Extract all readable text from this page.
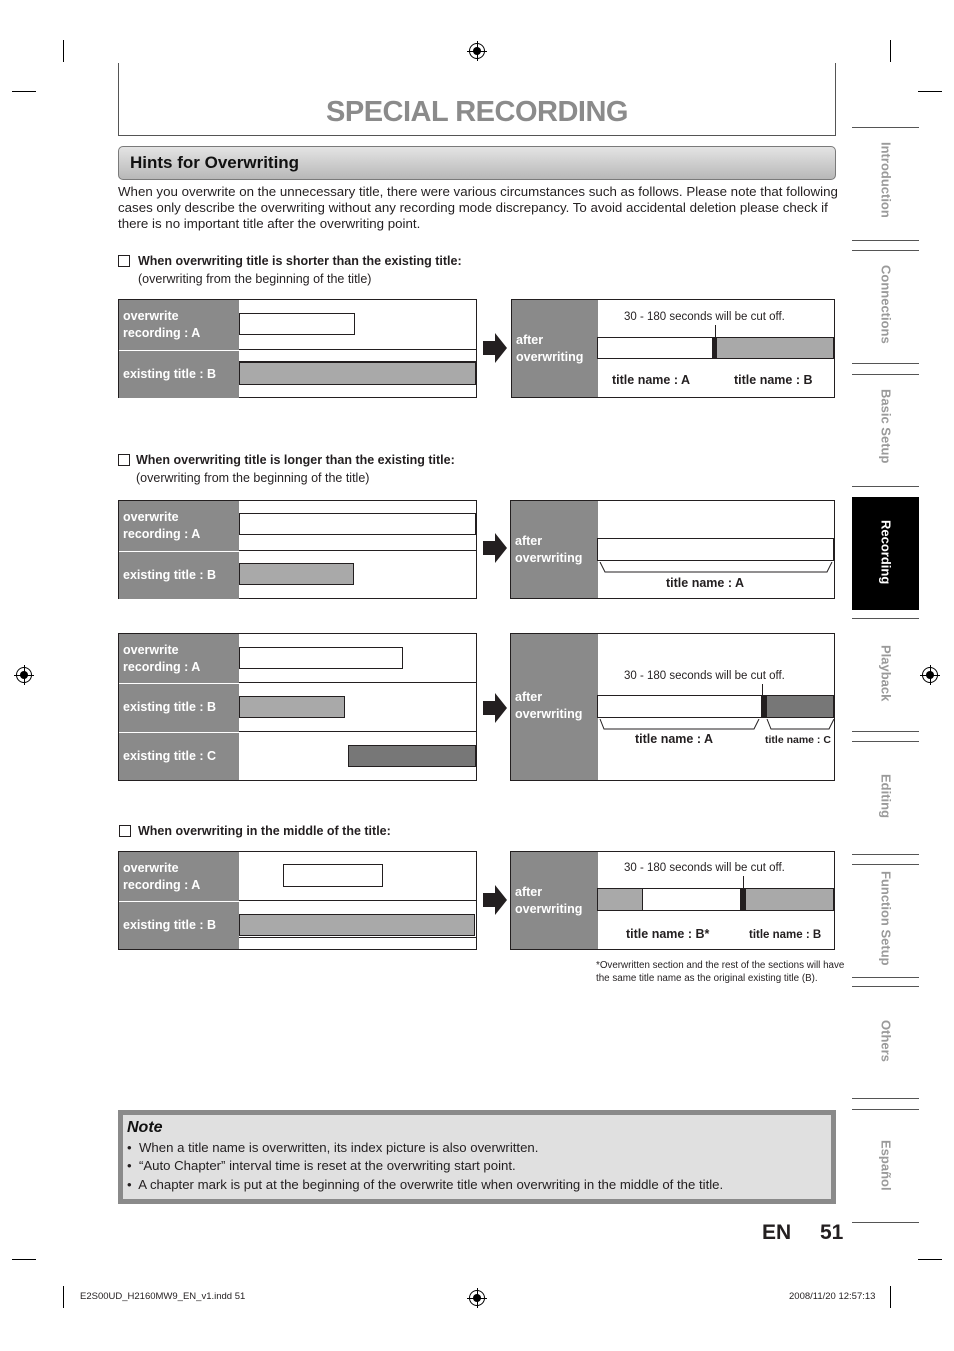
SPECIAL RECORDING
Hints for Overwriting
When you overwrite on the unnecessary title, there were various circumstances such as follows. Please note that following cases only describe the overwriting without any recording mode discrepancy. To avoid accidental deletion please check if there is no important title after the overwriting point.
When overwriting title is shorter than the existing title:
(overwriting from the beginning of the title)
overwrite
recording : A
existing title : B
after
overwriting
30 - 180 seconds will be cut off.
title name : A	title name : B
When overwriting title is longer than the existing title:
(overwriting from the beginning of the title)
overwrite
recording : A
existing title : B
after
overwriting
title name : A
overwrite
recording : A
existing title : B
existing title : C
after
overwriting
30 - 180 seconds will be cut off.
title name : A	title name : C
When overwriting in the middle of the title:
overwrite
recording : A
existing title : B
after
overwriting
30 - 180 seconds will be cut off.
title name : B*	title name : B
*Overwritten section and the rest of the sections will have the same title name as the original existing title (B).
Note
•  When a title name is overwritten, its index picture is also overwritten.
•  “Auto Chapter” interval time is reset at the overwriting start point.
•  A chapter mark is put at the beginning of the overwrite title when overwriting in the middle of the title.
Introduction
Connections
Basic Setup
Recording
Playback
Editing
Function Setup
Others
Español
EN 51
E2S00UD_H2160MW9_EN_v1.indd 51	2008/11/20 12:57:13
